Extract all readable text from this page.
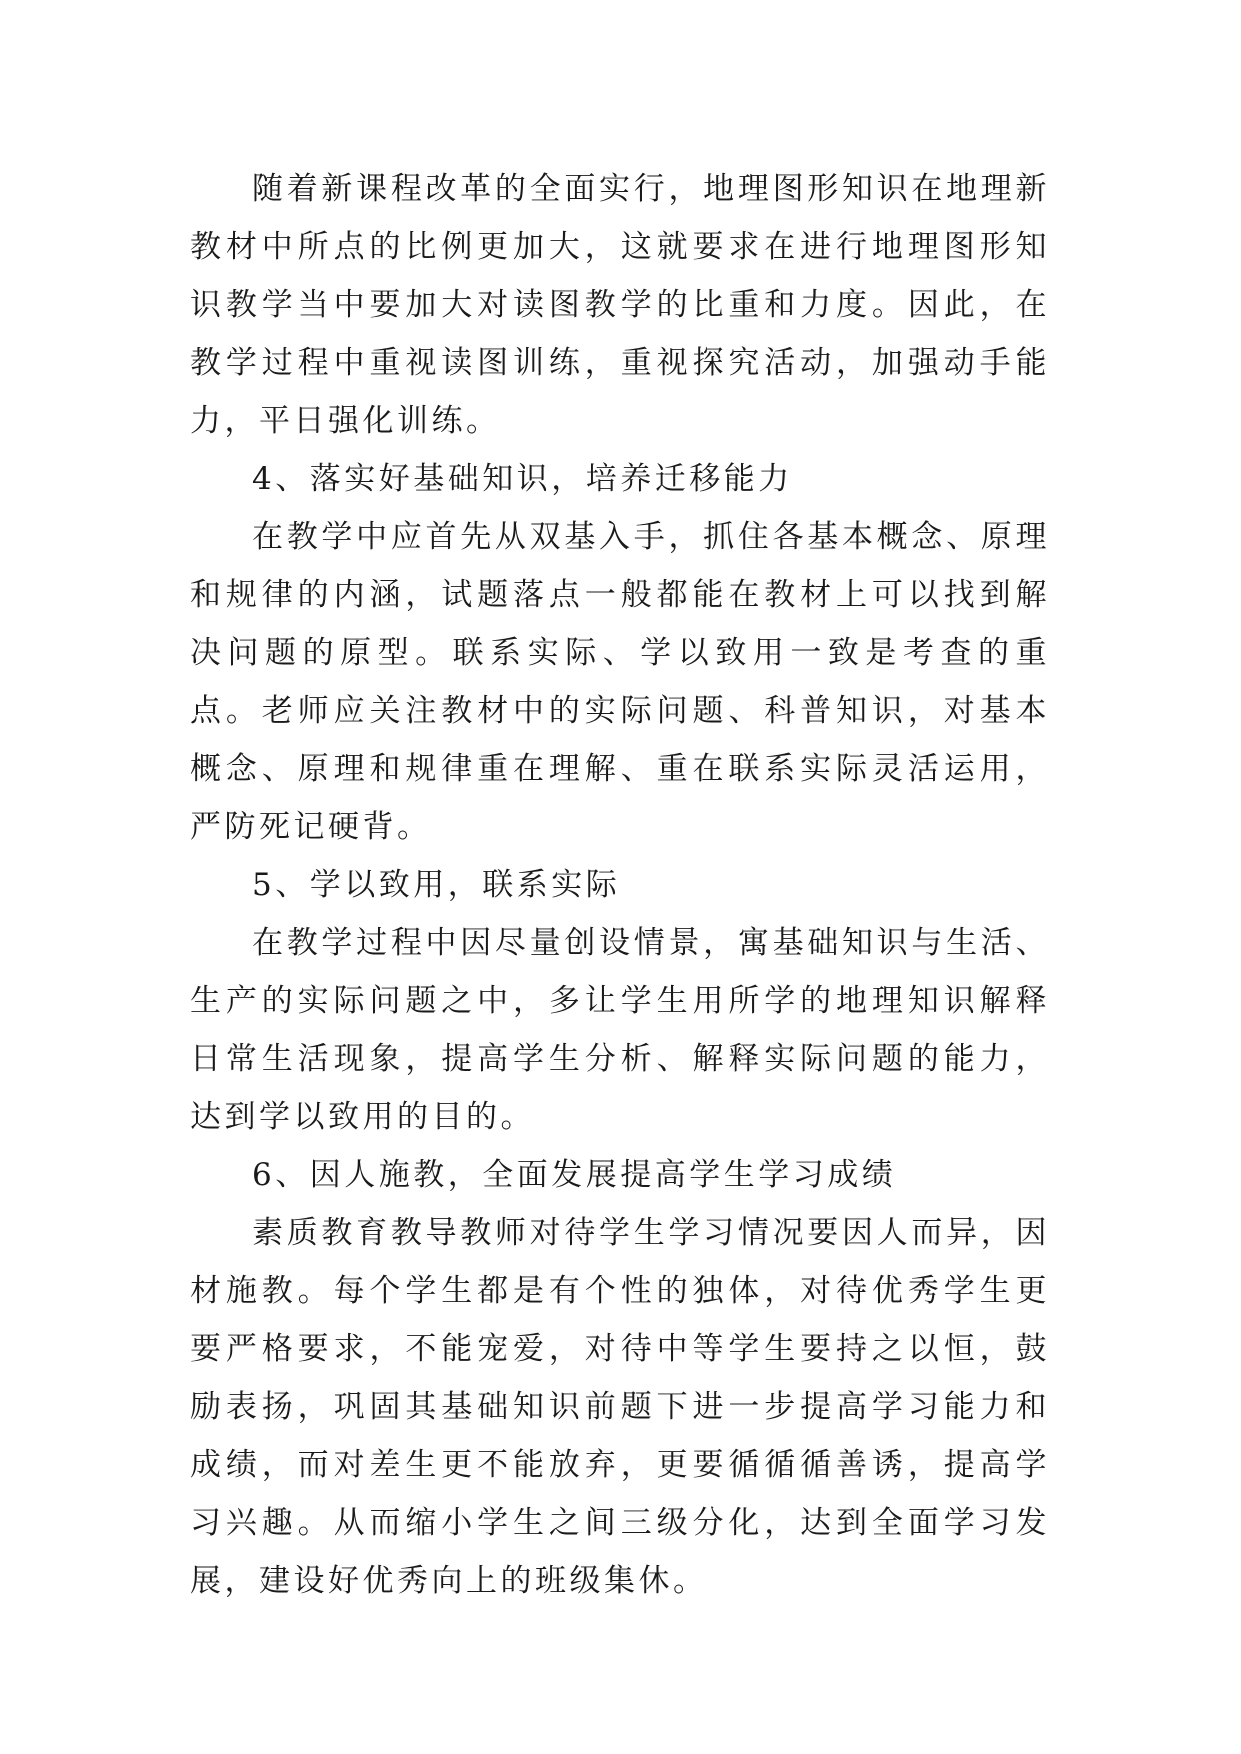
随着新课程改革的全面实行，地理图形知识在地理新教材中所点的比例更加大，这就要求在进行地理图形知识教学当中要加大对读图教学的比重和力度。因此，在教学过程中重视读图训练，重视探究活动，加强动手能力，平日强化训练。

4、落实好基础知识，培养迁移能力

在教学中应首先从双基入手，抓住各基本概念、原理和规律的内涵，试题落点一般都能在教材上可以找到解决问题的原型。联系实际、学以致用一致是考查的重点。老师应关注教材中的实际问题、科普知识，对基本概念、原理和规律重在理解、重在联系实际灵活运用，严防死记硬背。

5、学以致用，联系实际

在教学过程中因尽量创设情景，寓基础知识与生活、生产的实际问题之中，多让学生用所学的地理知识解释日常生活现象，提高学生分析、解释实际问题的能力，达到学以致用的目的。

6、因人施教，全面发展提高学生学习成绩

素质教育教导教师对待学生学习情况要因人而异，因材施教。每个学生都是有个性的独体，对待优秀学生更要严格要求，不能宠爱，对待中等学生要持之以恒，鼓励表扬，巩固其基础知识前题下进一步提高学习能力和成绩，而对差生更不能放弃，更要循循循善诱，提高学习兴趣。从而缩小学生之间三级分化，达到全面学习发展，建设好优秀向上的班级集休。
